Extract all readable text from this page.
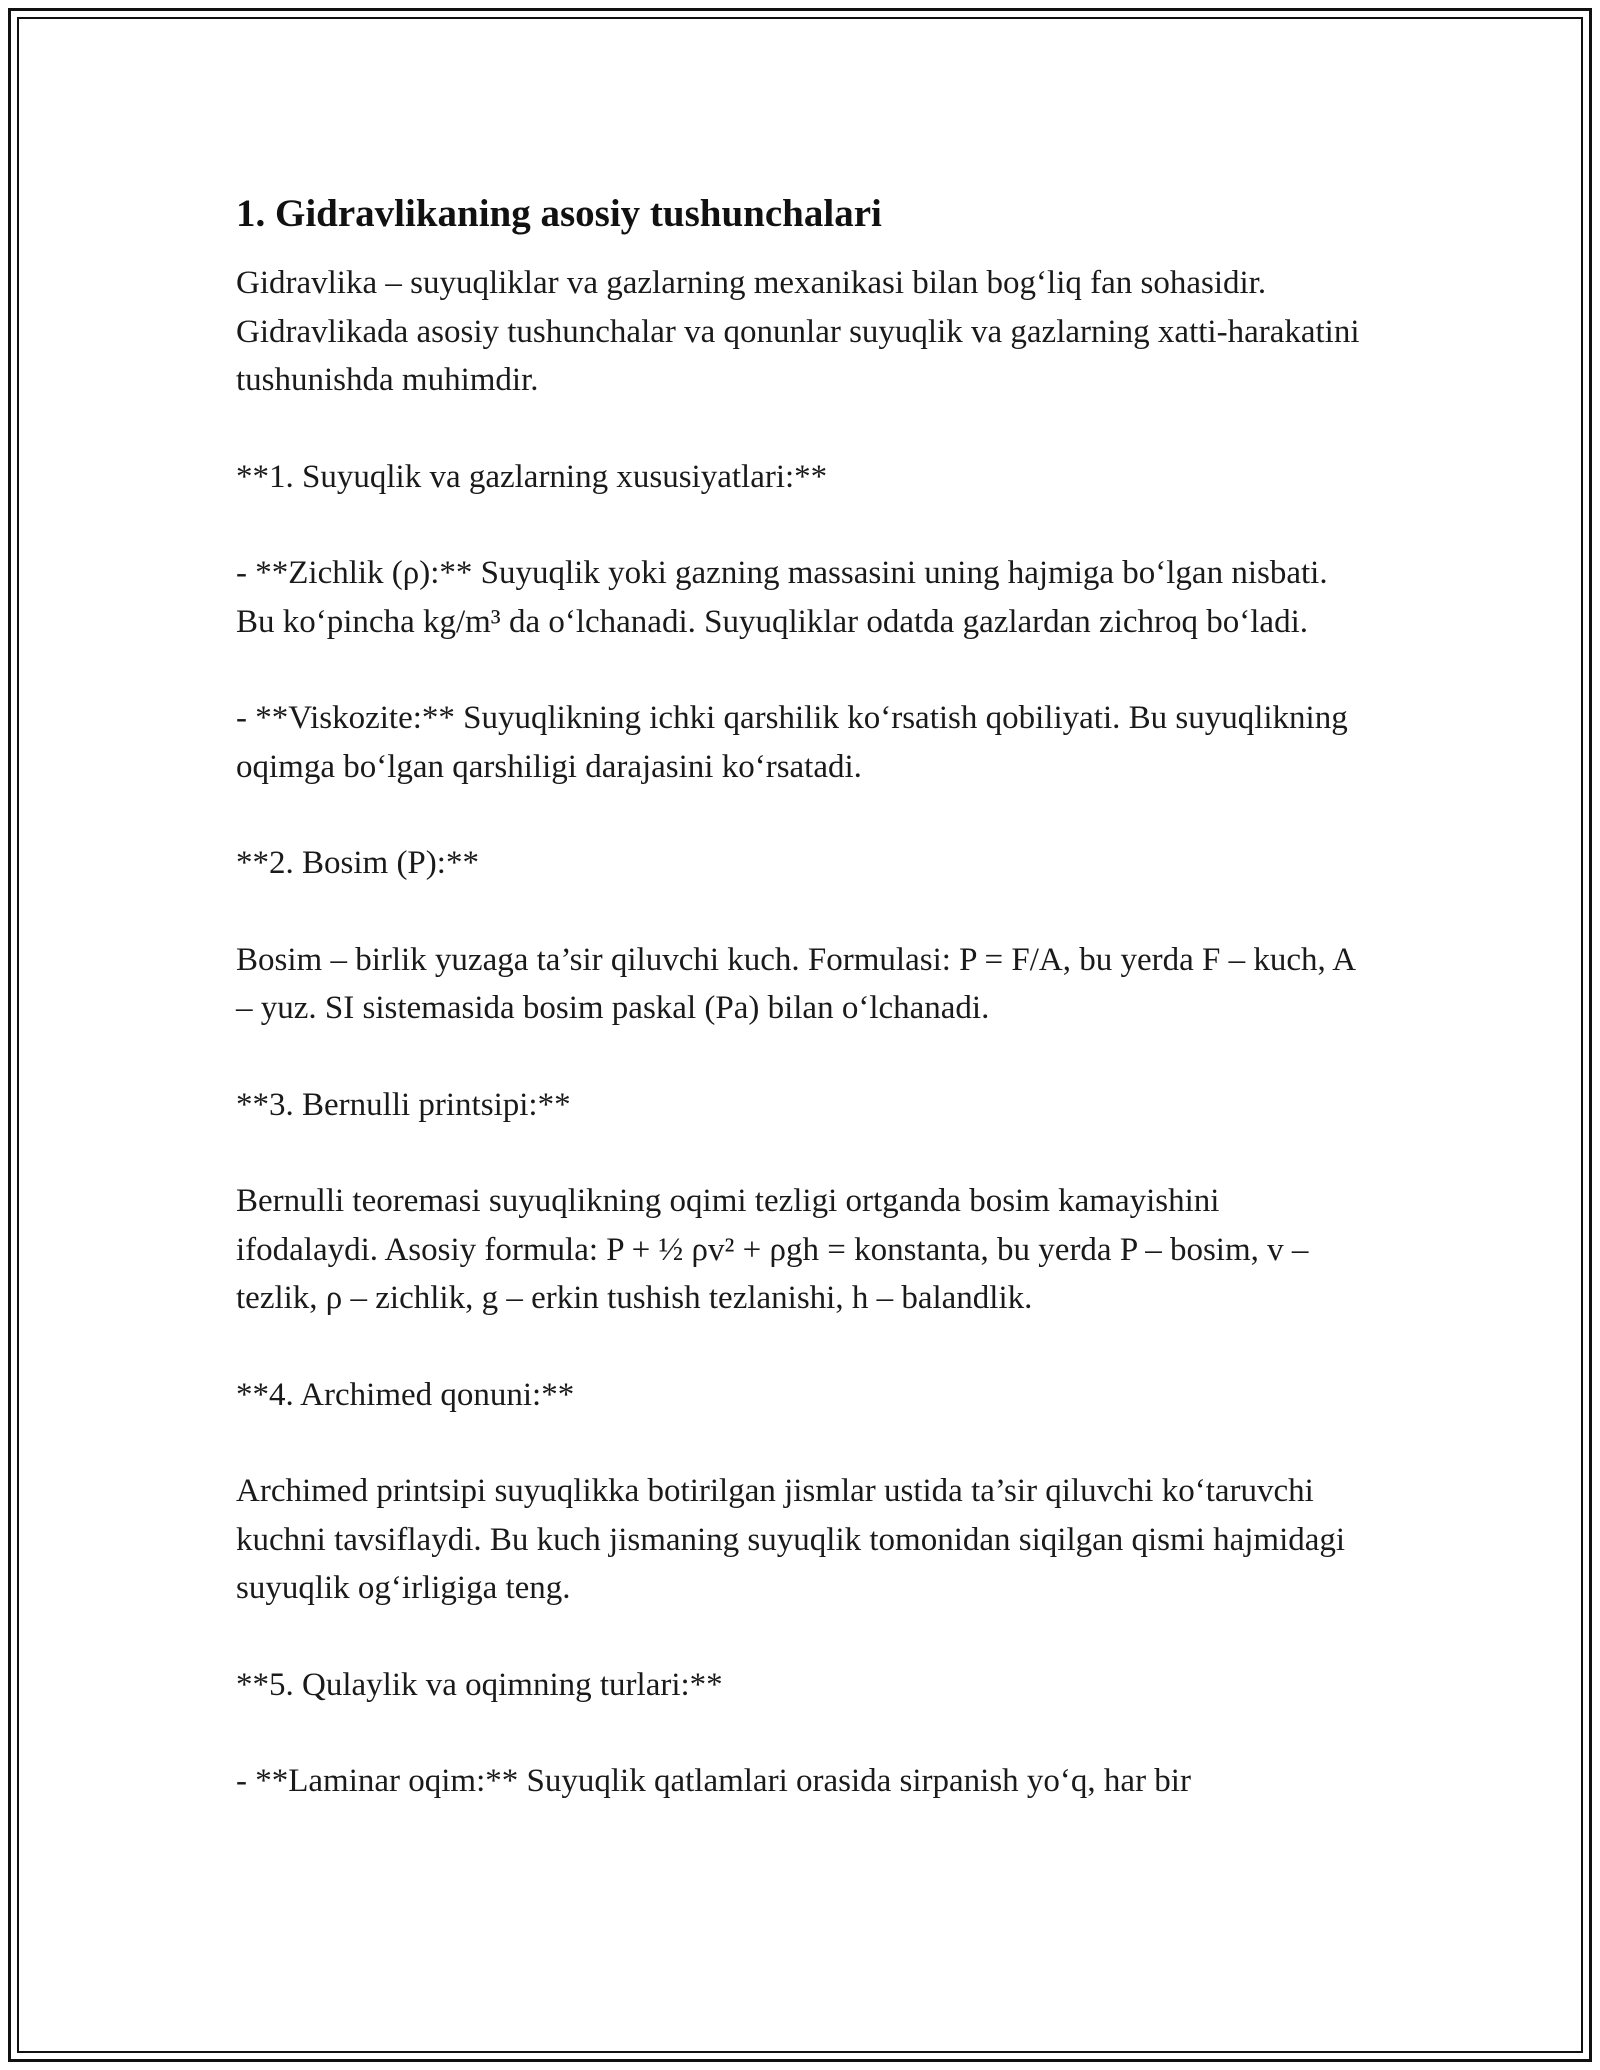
1. Gidravlikaning asosiy tushunchalari

Gidravlika – suyuqliklar va gazlarning mexanikasi bilan bog‘liq fan sohasidir. Gidravlikada asosiy tushunchalar va qonunlar suyuqlik va gazlarning xatti-harakatini tushunishda muhimdir.

**1. Suyuqlik va gazlarning xususiyatlari:**

- **Zichlik (ρ):** Suyuqlik yoki gazning massasini uning hajmiga bo‘lgan nisbati. Bu ko‘pincha kg/m³ da o‘lchanadi. Suyuqliklar odatda gazlardan zichroq bo‘ladi.

- **Viskozite:** Suyuqlikning ichki qarshilik ko‘rsatish qobiliyati. Bu suyuqlikning oqimga bo‘lgan qarshiligi darajasini ko‘rsatadi.

**2. Bosim (P):**

Bosim – birlik yuzaga ta’sir qiluvchi kuch. Formulasi: P = F/A, bu yerda F – kuch, A – yuz. SI sistemasida bosim paskal (Pa) bilan o‘lchanadi.

**3. Bernulli printsipi:**

Bernulli teoremasi suyuqlikning oqimi tezligi ortganda bosim kamayishini ifodalaydi. Asosiy formula: P + ½ ρv² + ρgh = konstanta, bu yerda P – bosim, v – tezlik, ρ – zichlik, g – erkin tushish tezlanishi, h – balandlik.

**4. Archimed qonuni:**

Archimed printsipi suyuqlikka botirilgan jismlar ustida ta’sir qiluvchi ko‘taruvchi kuchni tavsiflaydi. Bu kuch jismaning suyuqlik tomonidan siqilgan qismi hajmidagi suyuqlik og‘irligiga teng.

**5. Qulaylik va oqimning turlari:**

- **Laminar oqim:** Suyuqlik qatlamlari orasida sirpanish yo‘q, har bir
